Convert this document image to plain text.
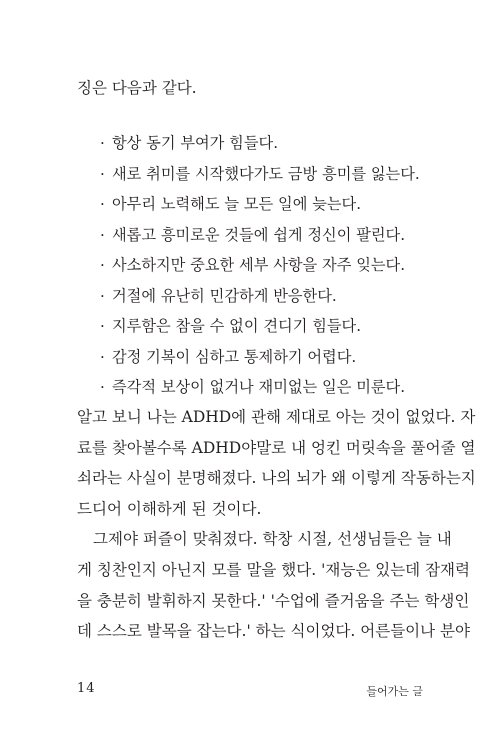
징은 다음과 같다.
· 항상 동기 부여가 힘들다.
· 새로 취미를 시작했다가도 금방 흥미를 잃는다.
· 아무리 노력해도 늘 모든 일에 늦는다.
· 새롭고 흥미로운 것들에 쉽게 정신이 팔린다.
· 사소하지만 중요한 세부 사항을 자주 잊는다.
· 거절에 유난히 민감하게 반응한다.
· 지루함은 참을 수 없이 견디기 힘들다.
· 감정 기복이 심하고 통제하기 어렵다.
· 즉각적 보상이 없거나 재미없는 일은 미룬다.
알고 보니 나는 ADHD에 관해 제대로 아는 것이 없었다. 자
료를 찾아볼수록 ADHD야말로 내 엉킨 머릿속을 풀어줄 열
쇠라는 사실이 분명해졌다. 나의 뇌가 왜 이렇게 작동하는지
드디어 이해하게 된 것이다.
그제야 퍼즐이 맞춰졌다. 학창 시절, 선생님들은 늘 내
게 칭찬인지 아닌지 모를 말을 했다. '재능은 있는데 잠재력
을 충분히 발휘하지 못한다.' '수업에 즐거움을 주는 학생인
데 스스로 발목을 잡는다.' 하는 식이었다. 어른들이나 분야
14	들어가는 글
